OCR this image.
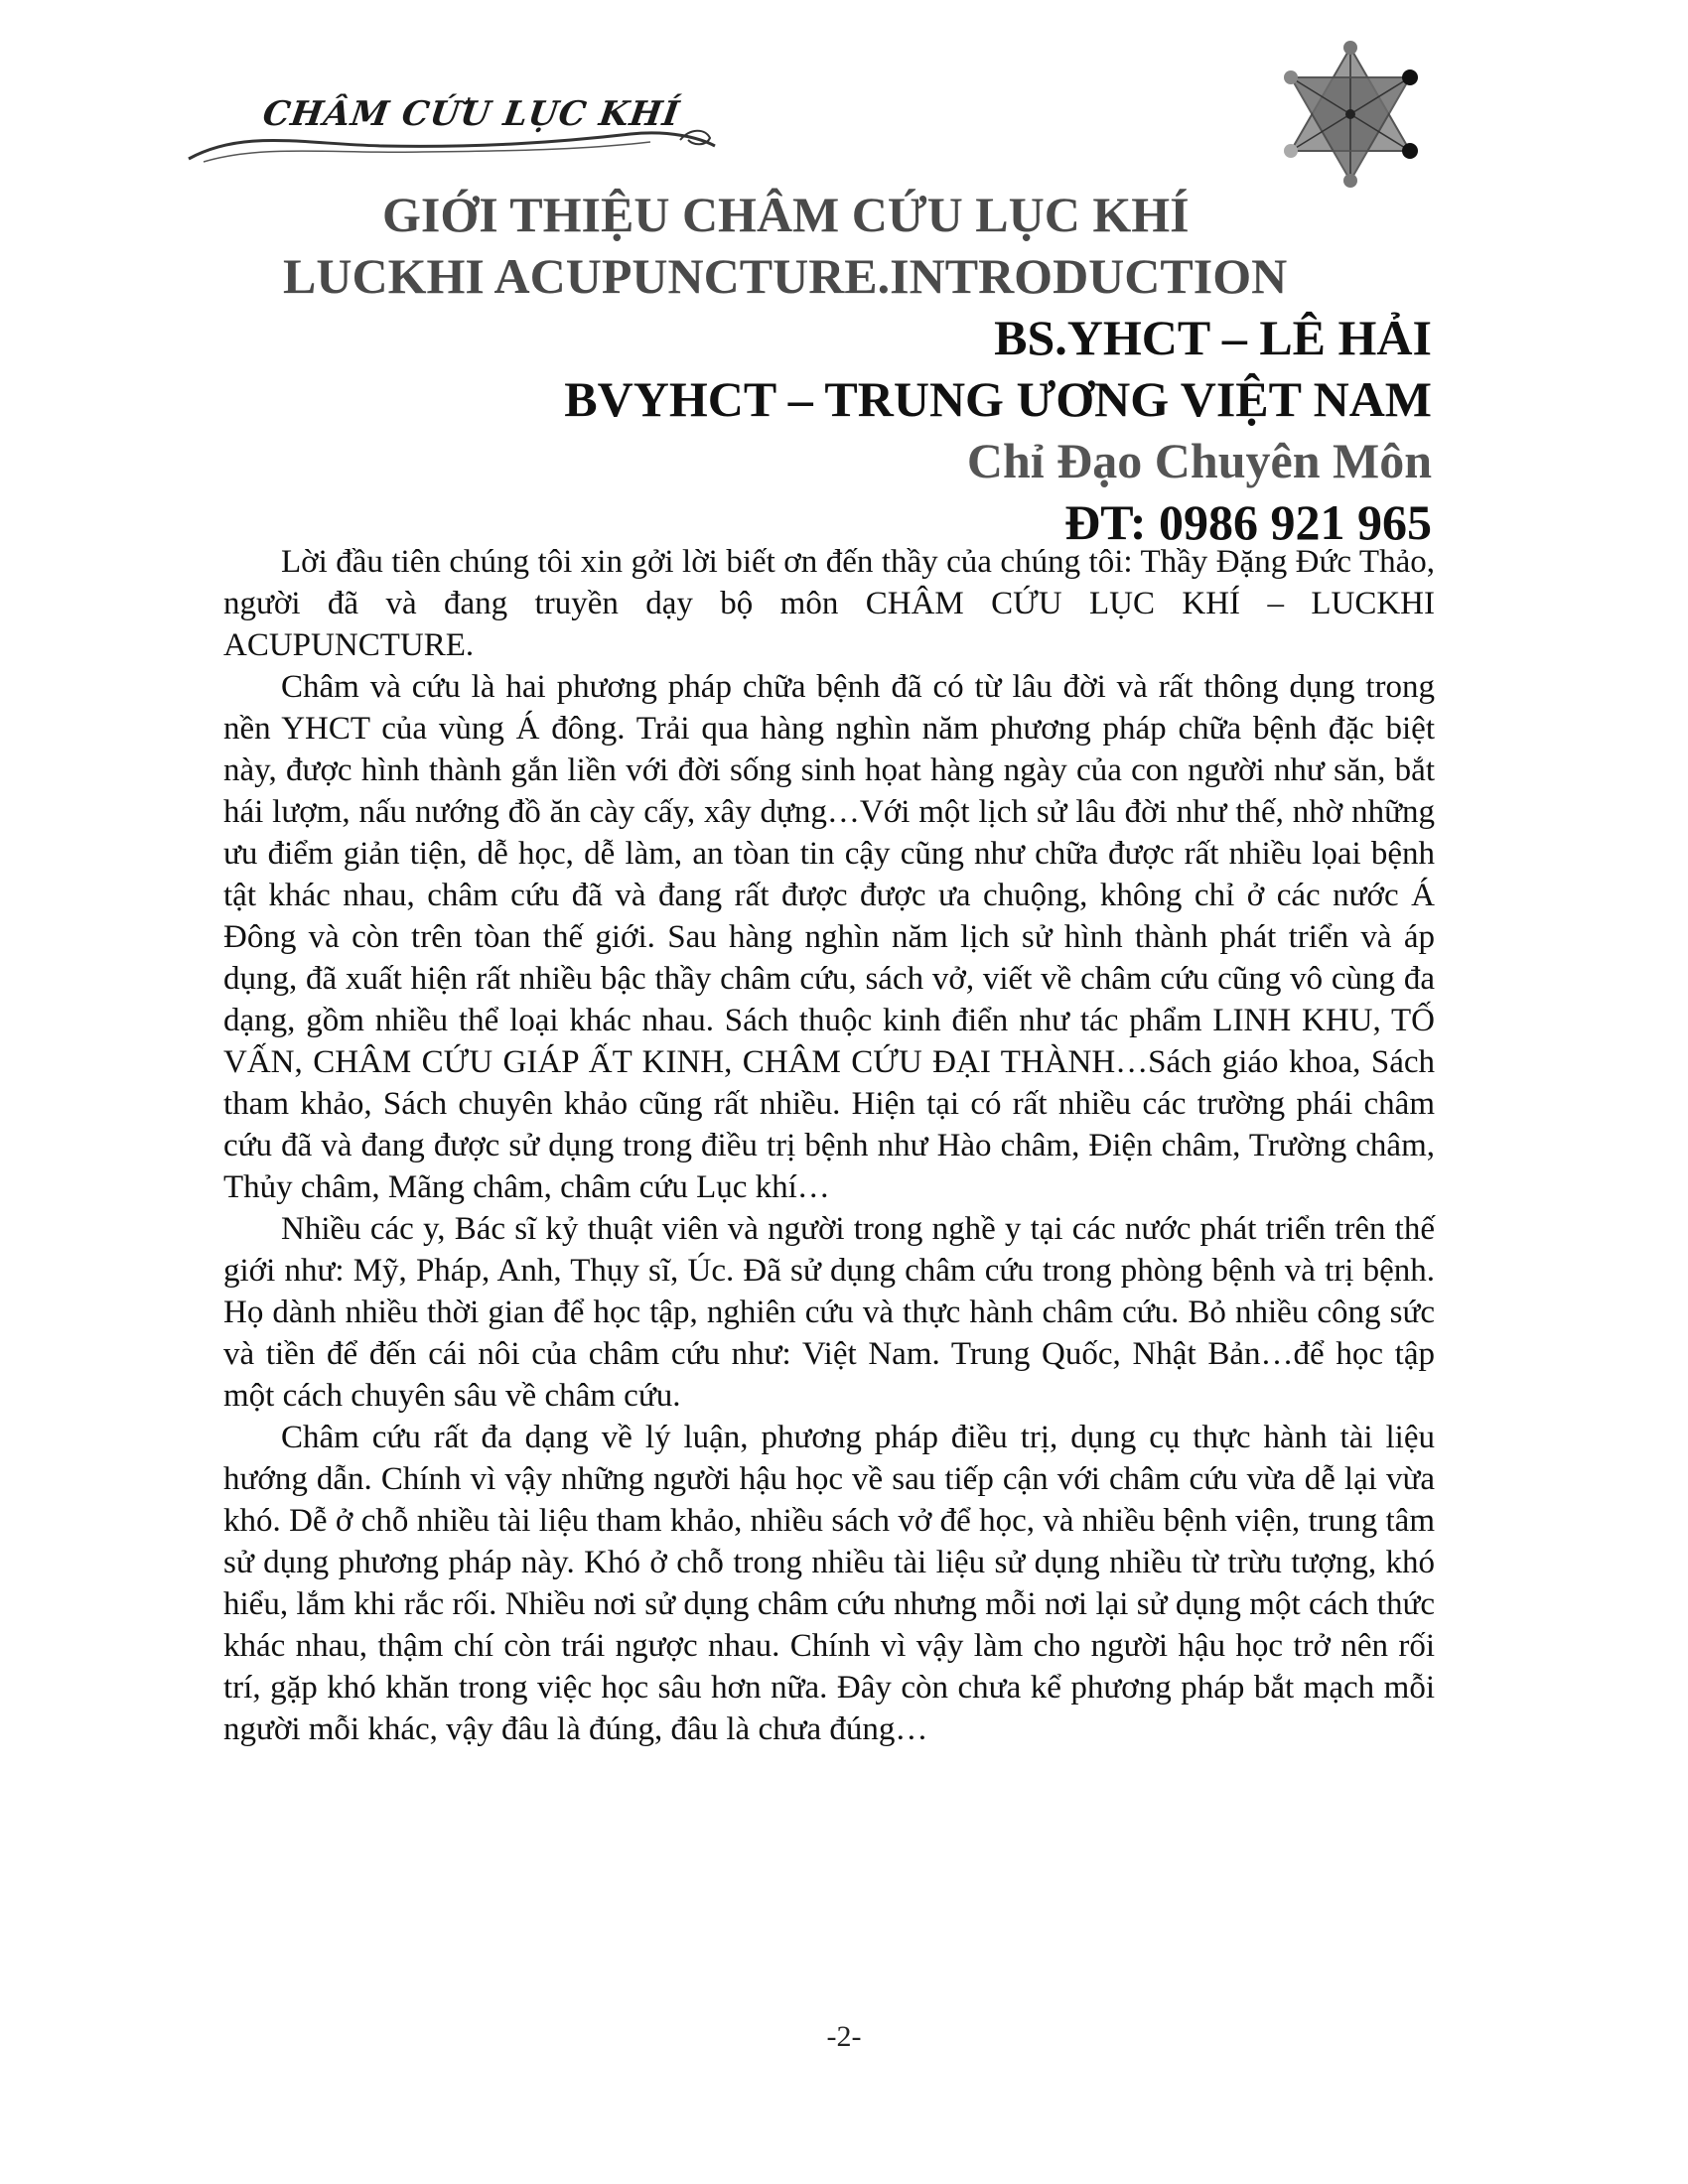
CHÂM CỨU LỤC KHÍ
GIỚI THIỆU CHÂM CỨU LỤC KHÍ
LUCKHI ACUPUNCTURE.INTRODUCTION
BS.YHCT – LÊ HẢI
BVYHCT – TRUNG ƯƠNG VIỆT NAM
Chỉ Đạo Chuyên Môn
ĐT: 0986 921 965

Lời đầu tiên chúng tôi xin gởi lời biết ơn đến thầy của chúng tôi: Thầy Đặng Đức Thảo, người đã và đang truyền dạy bộ môn CHÂM CỨU LỤC KHÍ – LUCKHI ACUPUNCTURE.

Châm và cứu là hai phương pháp chữa bệnh đã có từ lâu đời và rất thông dụng trong nền YHCT của vùng Á đông. Trải qua hàng nghìn năm phương pháp chữa bệnh đặc biệt này, được hình thành gắn liền với đời sống sinh họat hàng ngày của con người như săn, bắt hái lượm, nấu nướng đồ ăn cày cấy, xây dựng…Với một lịch sử lâu đời như thế, nhờ những ưu điểm giản tiện, dễ học, dễ làm, an tòan tin cậy cũng như chữa được rất nhiều lọai bệnh tật khác nhau, châm cứu đã và đang rất được được ưa chuộng, không chỉ ở các nước Á Đông và còn trên tòan thế giới. Sau hàng nghìn năm lịch sử hình thành phát triển và áp dụng, đã xuất hiện rất nhiều bậc thầy châm cứu, sách vở, viết về châm cứu cũng vô cùng đa dạng, gồm nhiều thể loại khác nhau. Sách thuộc kinh điển như tác phẩm LINH KHU, TỐ VẤN, CHÂM CỨU GIÁP ẤT KINH, CHÂM CỨU ĐẠI THÀNH…Sách giáo khoa, Sách tham khảo, Sách chuyên khảo cũng rất nhiều. Hiện tại có rất nhiều các trường phái châm cứu đã và đang được sử dụng trong điều trị bệnh như Hào châm, Điện châm, Trường châm, Thủy châm, Mãng châm, châm cứu Lục khí…

Nhiều các y, Bác sĩ kỷ thuật viên và người trong nghề y tại các nước phát triển trên thế giới như: Mỹ, Pháp, Anh, Thụy sĩ, Úc. Đã sử dụng châm cứu trong phòng bệnh và trị bệnh. Họ dành nhiều thời gian để học tập, nghiên cứu và thực hành châm cứu. Bỏ nhiều công sức và tiền để đến cái nôi của châm cứu như: Việt Nam. Trung Quốc, Nhật Bản…để học tập một cách chuyên sâu về châm cứu.

Châm cứu rất đa dạng về lý luận, phương pháp điều trị, dụng cụ thực hành tài liệu hướng dẫn. Chính vì vậy những người hậu học về sau tiếp cận với châm cứu vừa dễ lại vừa khó. Dễ ở chỗ nhiều tài liệu tham khảo, nhiều sách vở để học, và nhiều bệnh viện, trung tâm sử dụng phương pháp này. Khó ở chỗ trong nhiều tài liệu sử dụng nhiều từ trừu tượng, khó hiểu, lắm khi rắc rối. Nhiều nơi sử dụng châm cứu nhưng mỗi nơi lại sử dụng một cách thức khác nhau, thậm chí còn trái ngược nhau. Chính vì vậy làm cho người hậu học trở nên rối trí, gặp khó khăn trong việc học sâu hơn nữa. Đây còn chưa kể phương pháp bắt mạch mỗi người mỗi khác, vậy đâu là đúng, đâu là chưa đúng…

-2-
